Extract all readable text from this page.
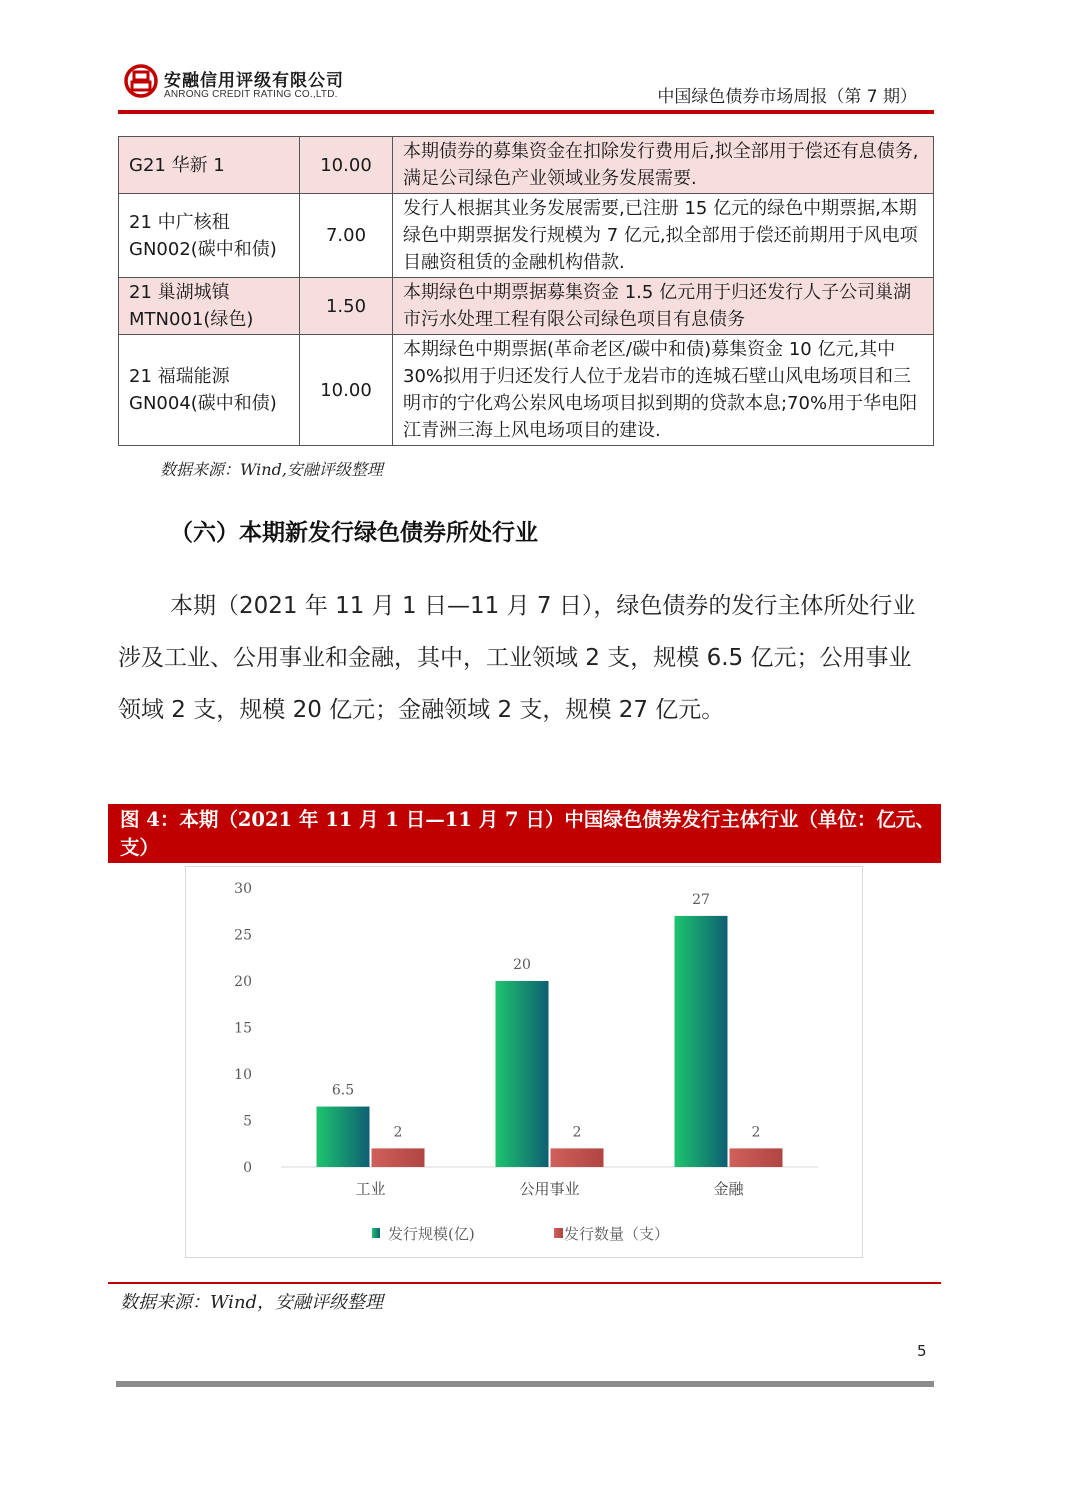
安融信用评级有限公司
ANRONG CREDIT RATING CO.,LTD.	中国绿色债券市场周报（第 7 期）
G21 华新 1	10.00	本期债券的募集资金在扣除发行费用后,拟全部用于偿还有息债务,满足公司绿色产业领域业务发展需要.
21 中广核租 GN002(碳中和债)	7.00	发行人根据其业务发展需要,已注册 15 亿元的绿色中期票据,本期绿色中期票据发行规模为 7 亿元,拟全部用于偿还前期用于风电项目融资租赁的金融机构借款.
21 巢湖城镇 MTN001(绿色)	1.50	本期绿色中期票据募集资金 1.5 亿元用于归还发行人子公司巢湖市污水处理工程有限公司绿色项目有息债务
21 福瑞能源 GN004(碳中和债)	10.00	本期绿色中期票据(革命老区/碳中和债)募集资金 10 亿元,其中 30%拟用于归还发行人位于龙岩市的连城石壁山风电场项目和三明市的宁化鸡公岽风电场项目拟到期的贷款本息;70%用于华电阳江青洲三海上风电场项目的建设.
数据来源：Wind,安融评级整理
（六）本期新发行绿色债券所处行业

本期（2021 年 11 月 1 日—11 月 7 日），绿色债券的发行主体所处行业涉及工业、公用事业和金融，其中，工业领域 2 支，规模 6.5 亿元；公用事业领域 2 支，规模 20 亿元；金融领域 2 支，规模 27 亿元。

图 4：本期（2021 年 11 月 1 日—11 月 7 日）中国绿色债券发行主体行业（单位：亿元、支）
0
5
10
15
20
25
30
6.5
2
工业
20
2
公用事业
27
2
金融
发行规模(亿)	发行数量（支）
数据来源：Wind，安融评级整理
5
